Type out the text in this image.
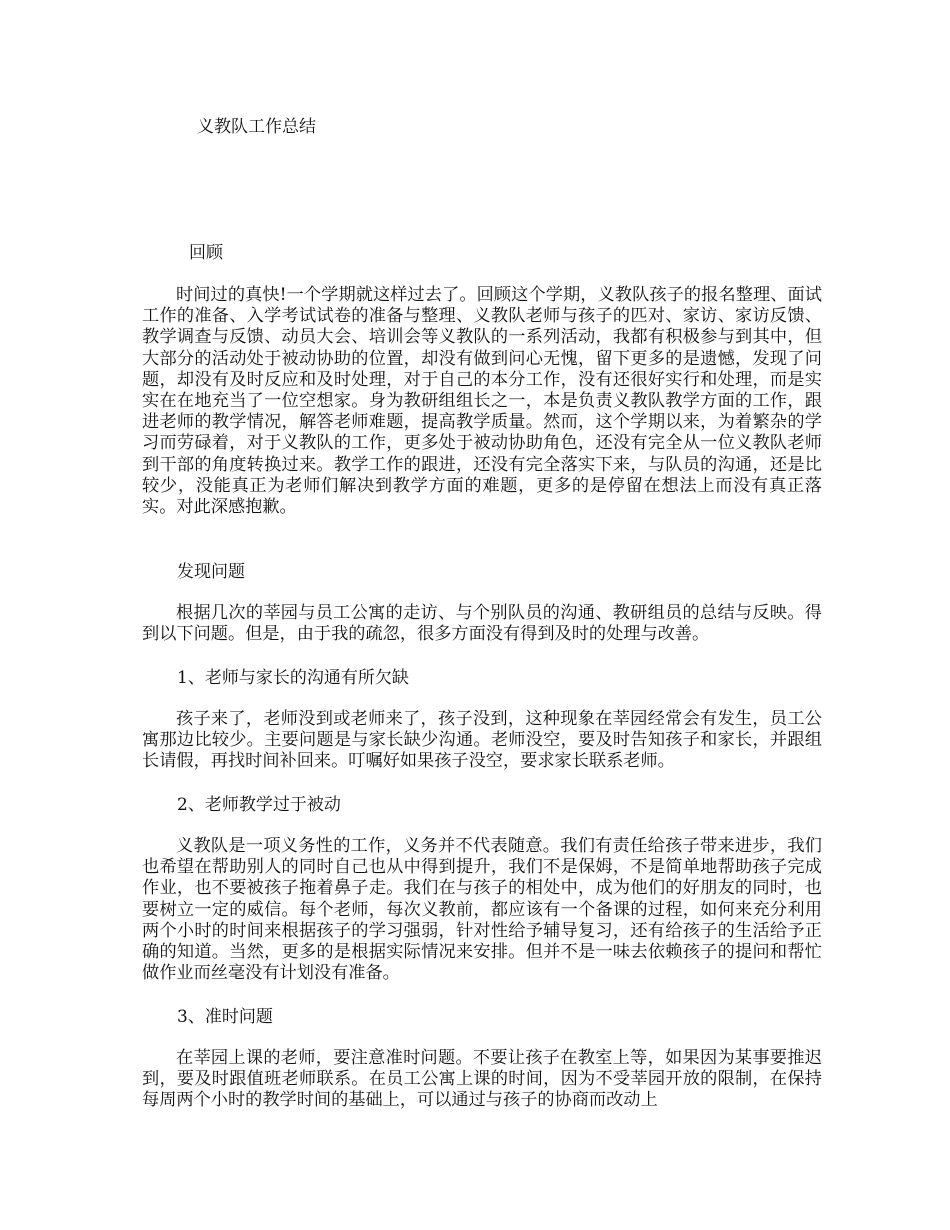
义教队工作总结
回顾

时间过的真快!一个学期就这样过去了。回顾这个学期，义教队孩子的报名整理、面试工作的准备、入学考试试卷的准备与整理、义教队老师与孩子的匹对、家访、家访反馈、教学调查与反馈、动员大会、培训会等义教队的一系列活动，我都有积极参与到其中，但大部分的活动处于被动协助的位置，却没有做到问心无愧，留下更多的是遗憾，发现了问题，却没有及时反应和及时处理，对于自己的本分工作，没有还很好实行和处理，而是实实在在地充当了一位空想家。身为教研组组长之一，本是负责义教队教学方面的工作，跟进老师的教学情况，解答老师难题，提高教学质量。然而，这个学期以来，为着繁杂的学习而劳碌着，对于义教队的工作，更多处于被动协助角色，还没有完全从一位义教队老师到干部的角度转换过来。教学工作的跟进，还没有完全落实下来，与队员的沟通，还是比较少，没能真正为老师们解决到教学方面的难题，更多的是停留在想法上而没有真正落实。对此深感抱歉。

发现问题

根据几次的莘园与员工公寓的走访、与个别队员的沟通、教研组员的总结与反映。得到以下问题。但是，由于我的疏忽，很多方面没有得到及时的处理与改善。

1、老师与家长的沟通有所欠缺

孩子来了，老师没到或老师来了，孩子没到，这种现象在莘园经常会有发生，员工公寓那边比较少。主要问题是与家长缺少沟通。老师没空，要及时告知孩子和家长，并跟组长请假，再找时间补回来。叮嘱好如果孩子没空，要求家长联系老师。

2、老师教学过于被动

义教队是一项义务性的工作，义务并不代表随意。我们有责任给孩子带来进步，我们也希望在帮助别人的同时自己也从中得到提升，我们不是保姆，不是简单地帮助孩子完成作业，也不要被孩子拖着鼻子走。我们在与孩子的相处中，成为他们的好朋友的同时，也要树立一定的威信。每个老师，每次义教前，都应该有一个备课的过程，如何来充分利用两个小时的时间来根据孩子的学习强弱，针对性给予辅导复习，还有给孩子的生活给予正确的知道。当然，更多的是根据实际情况来安排。但并不是一味去依赖孩子的提问和帮忙做作业而丝毫没有计划没有准备。

3、准时问题

在莘园上课的老师，要注意准时问题。不要让孩子在教室上等，如果因为某事要推迟到，要及时跟值班老师联系。在员工公寓上课的时间，因为不受莘园开放的限制，在保持每周两个小时的教学时间的基础上，可以通过与孩子的协商而改动上
